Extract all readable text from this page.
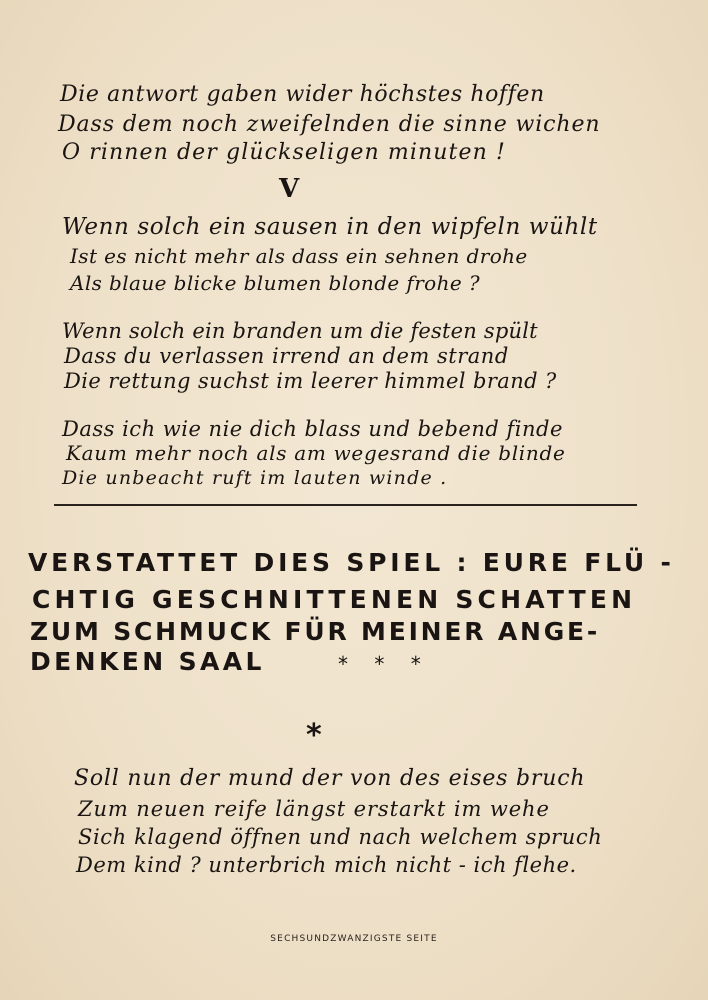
Die antwort gaben wider höchstes hoffen
Dass dem noch zweifelnden die sinne wichen
O rinnen der glückseligen minuten !
V
Wenn solch ein sausen in den wipfeln wühlt
Ist es nicht mehr als dass ein sehnen drohe
Als blaue blicke blumen blonde frohe ?
Wenn solch ein branden um die festen spült
Dass du verlassen irrend an dem strand
Die rettung suchst im leerer himmel brand ?
Dass ich wie nie dich blass und bebend finde
Kaum mehr noch als am wegesrand die blinde
Die unbeacht ruft im lauten winde .
VERSTATTET DIES SPIEL : EURE FLÜ -
CHTIG GESCHNITTENEN SCHATTEN
ZUM SCHMUCK FÜR MEINER ANGE-
DENKEN SAAL	* * *
*
Soll nun der mund der von des eises bruch
Zum neuen reife längst erstarkt im wehe
Sich klagend öffnen und nach welchem spruch
Dem kind ? unterbrich mich nicht - ich flehe.
SECHSUNDZWANZIGSTE SEITE
